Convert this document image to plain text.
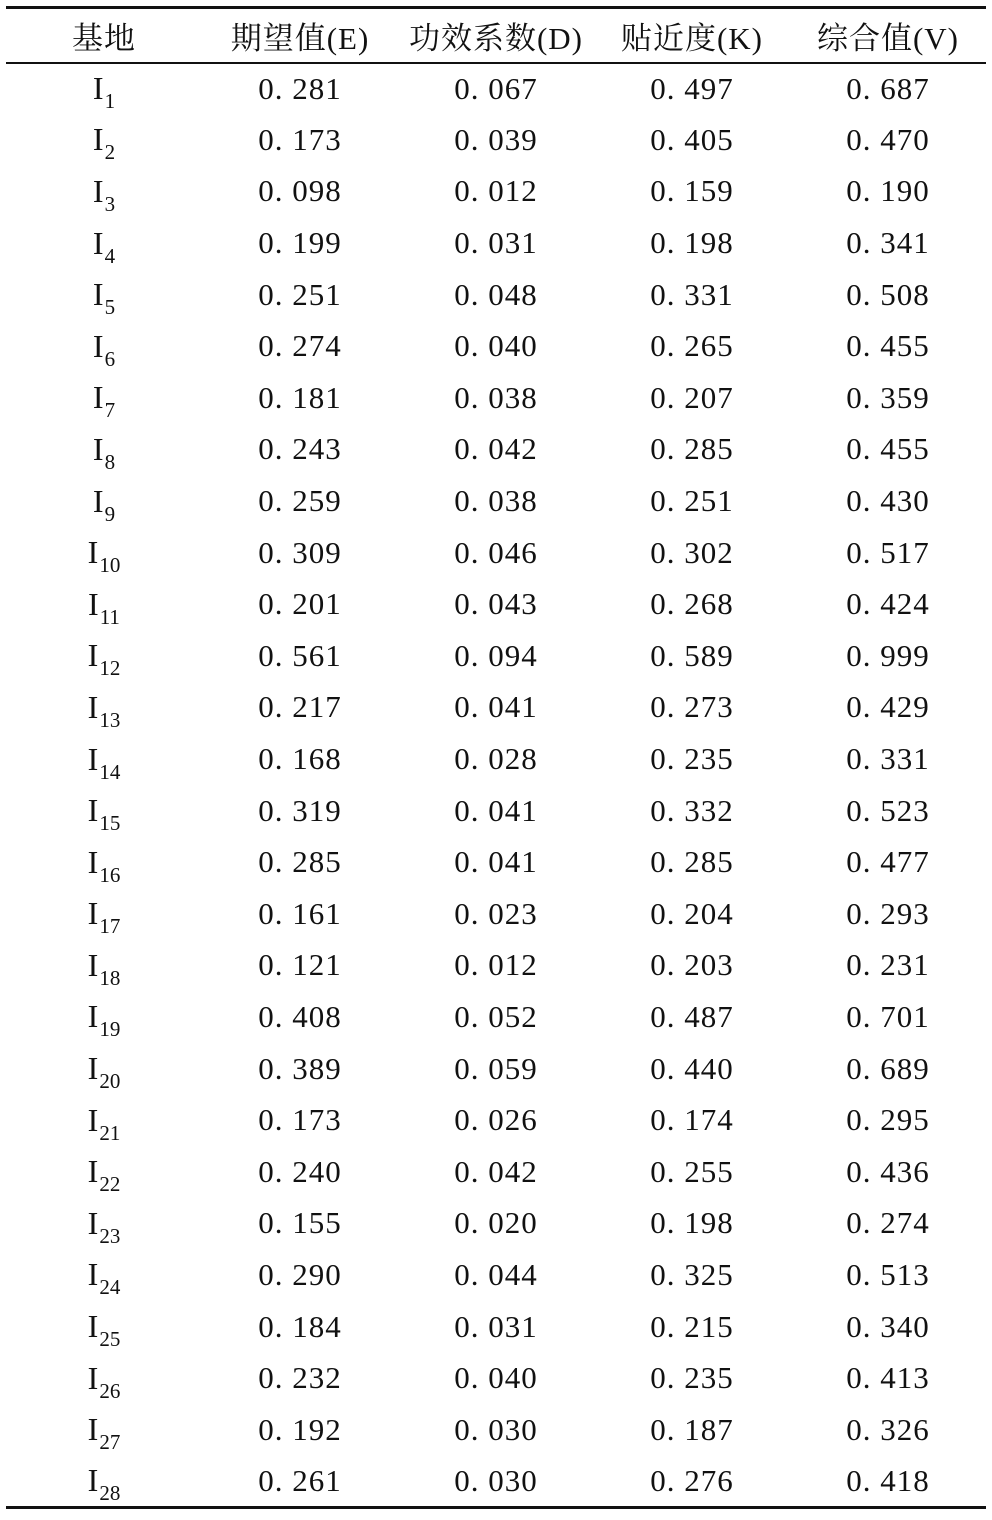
基地	期望值(E)	功效系数(D)	贴近度(K)	综合值(V)
$I_1$	0. 281	0. 067	0. 497	0. 687
$I_2$	0. 173	0. 039	0. 405	0. 470
$I_3$	0. 098	0. 012	0. 159	0. 190
$I_4$	0. 199	0. 031	0. 198	0. 341
$I_5$	0. 251	0. 048	0. 331	0. 508
$I_6$	0. 274	0. 040	0. 265	0. 455
$I_7$	0. 181	0. 038	0. 207	0. 359
$I_8$	0. 243	0. 042	0. 285	0. 455
$I_9$	0. 259	0. 038	0. 251	0. 430
$I_{10}$	0. 309	0. 046	0. 302	0. 517
$I_{11}$	0. 201	0. 043	0. 268	0. 424
$I_{12}$	0. 561	0. 094	0. 589	0. 999
$I_{13}$	0. 217	0. 041	0. 273	0. 429
$I_{14}$	0. 168	0. 028	0. 235	0. 331
$I_{15}$	0. 319	0. 041	0. 332	0. 523
$I_{16}$	0. 285	0. 041	0. 285	0. 477
$I_{17}$	0. 161	0. 023	0. 204	0. 293
$I_{18}$	0. 121	0. 012	0. 203	0. 231
$I_{19}$	0. 408	0. 052	0. 487	0. 701
$I_{20}$	0. 389	0. 059	0. 440	0. 689
$I_{21}$	0. 173	0. 026	0. 174	0. 295
$I_{22}$	0. 240	0. 042	0. 255	0. 436
$I_{23}$	0. 155	0. 020	0. 198	0. 274
$I_{24}$	0. 290	0. 044	0. 325	0. 513
$I_{25}$	0. 184	0. 031	0. 215	0. 340
$I_{26}$	0. 232	0. 040	0. 235	0. 413
$I_{27}$	0. 192	0. 030	0. 187	0. 326
$I_{28}$	0. 261	0. 030	0. 276	0. 418
